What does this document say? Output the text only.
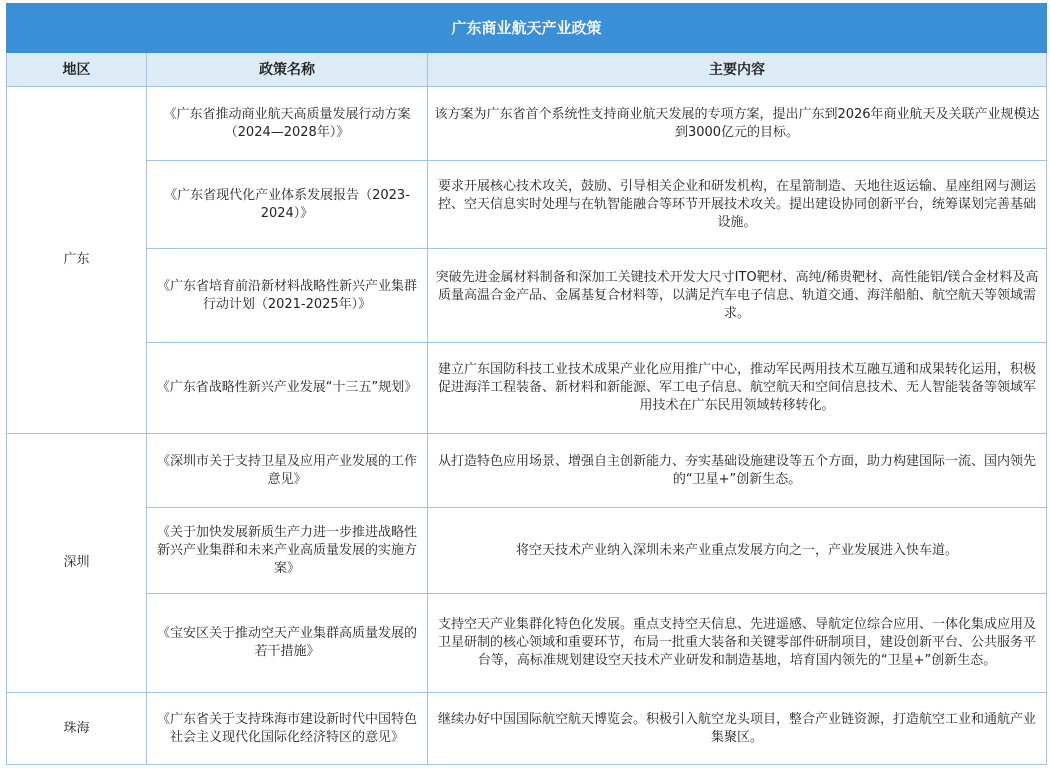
广东商业航天产业政策		
地区	政策名称	主要内容
广东	《广东省推动商业航天高质量发展行动方案（2024—2028年）》	该方案为广东省首个系统性支持商业航天发展的专项方案，提出广东到2026年商业航天及关联产业规模达到3000亿元的目标。
	《广东省现代化产业体系发展报告（2023-2024）》	要求开展核心技术攻关，鼓励、引导相关企业和研发机构，在星箭制造、天地往返运输、星座组网与测运控、空天信息实时处理与在轨智能融合等环节开展技术攻关。提出建设协同创新平台，统筹谋划完善基础设施。
	《广东省培育前沿新材料战略性新兴产业集群行动计划（2021-2025年）》	突破先进金属材料制备和深加工关键技术开发大尺寸ITO靶材、高纯/稀贵靶材、高性能铝/镁合金材料及高质量高温合金产品、金属基复合材料等，以满足汽车电子信息、轨道交通、海洋船舶、航空航天等领域需求。
	《广东省战略性新兴产业发展“十三五”规划》	建立广东国防科技工业技术成果产业化应用推广中心，推动军民两用技术互融互通和成果转化运用，积极促进海洋工程装备、新材料和新能源、军工电子信息、航空航天和空间信息技术、无人智能装备等领域军用技术在广东民用领域转移转化。
深圳	《深圳市关于支持卫星及应用产业发展的工作意见》	从打造特色应用场景、增强自主创新能力、夯实基础设施建设等五个方面，助力构建国际一流、国内领先的“卫星+”创新生态。
	《关于加快发展新质生产力进一步推进战略性新兴产业集群和未来产业高质量发展的实施方案》	将空天技术产业纳入深圳未来产业重点发展方向之一，产业发展进入快车道。
	《宝安区关于推动空天产业集群高质量发展的若干措施》	支持空天产业集群化特色化发展。重点支持空天信息、先进遥感、导航定位综合应用、一体化集成应用及卫星研制的核心领域和重要环节，布局一批重大装备和关键零部件研制项目，建设创新平台、公共服务平台等，高标准规划建设空天技术产业研发和制造基地，培育国内领先的“卫星+”创新生态。
珠海	《广东省关于支持珠海市建设新时代中国特色社会主义现代化国际化经济特区的意见》	继续办好中国国际航空航天博览会。积极引入航空龙头项目，整合产业链资源，打造航空工业和通航产业集聚区。
